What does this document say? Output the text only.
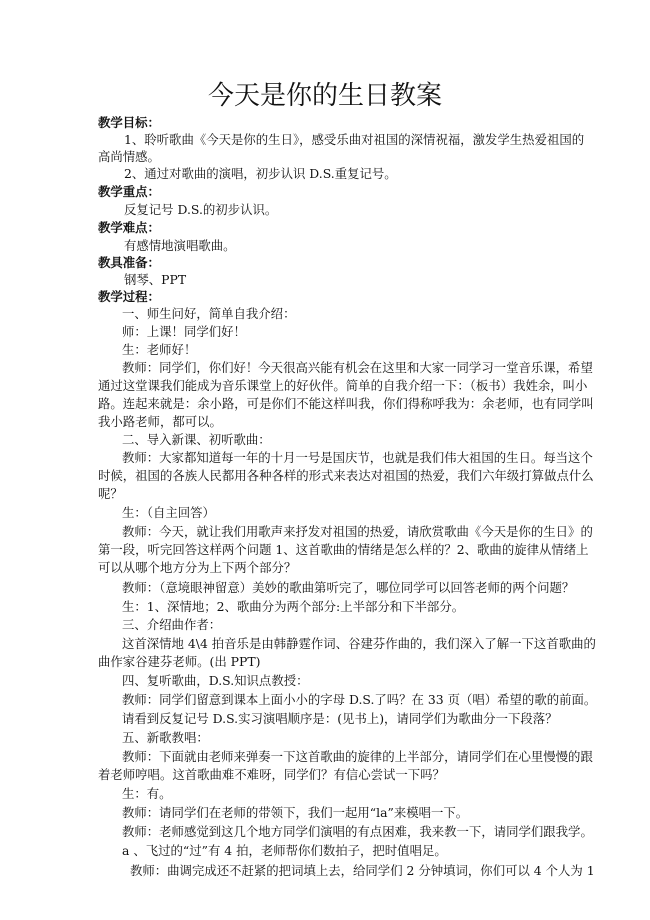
今天是你的生日教案
教学目标：
1、聆听歌曲《今天是你的生日》，感受乐曲对祖国的深情祝福，激发学生热爱祖国的
高尚情感。
2、通过对歌曲的演唱，初步认识 D.S.重复记号。
教学重点：
反复记号 D.S.的初步认识。
教学难点：
有感情地演唱歌曲。
教具准备：
钢琴、PPT
教学过程：
一、师生问好，简单自我介绍：
师：上课！同学们好！
生：老师好！
教师：同学们，你们好！今天很高兴能有机会在这里和大家一同学习一堂音乐课，希望
通过这堂课我们能成为音乐课堂上的好伙伴。简单的自我介绍一下：（板书）我姓余，叫小
路。连起来就是：余小路，可是你们不能这样叫我，你们得称呼我为：余老师，也有同学叫
我小路老师，都可以。
二、导入新课、初听歌曲：
教师：大家都知道每一年的十月一号是国庆节，也就是我们伟大祖国的生日。每当这个
时候，祖国的各族人民都用各种各样的形式来表达对祖国的热爱，我们六年级打算做点什么
呢？
生：（自主回答）
教师：今天，就让我们用歌声来抒发对祖国的热爱，请欣赏歌曲《今天是你的生日》的
第一段，听完回答这样两个问题 1、这首歌曲的情绪是怎么样的？2、歌曲的旋律从情绪上
可以从哪个地方分为上下两个部分？
教师：（意境眼神留意）美妙的歌曲第听完了，哪位同学可以回答老师的两个问题？
生：1、深情地；2、歌曲分为两个部分:上半部分和下半部分。
三、介绍曲作者：
这首深情地 4\4 拍音乐是由韩静霆作词、谷建芬作曲的，我们深入了解一下这首歌曲的
曲作家谷建芬老师。(出 PPT)
四、复听歌曲，D.S.知识点教授：
教师：同学们留意到课本上面小小的字母 D.S.了吗？在 33 页（唱）希望的歌的前面。
请看到反复记号 D.S.实习演唱顺序是：(见书上)，请同学们为歌曲分一下段落？
五、新歌教唱：
教师：下面就由老师来弹奏一下这首歌曲的旋律的上半部分，请同学们在心里慢慢的跟
着老师哼唱。这首歌曲难不难呀，同学们？有信心尝试一下吗？
生：有。
教师：请同学们在老师的带领下，我们一起用“la”来模唱一下。
教师：老师感觉到这几个地方同学们演唱的有点困难，我来教一下，请同学们跟我学。
a 、飞过的“过”有 4 拍，老师帮你们数拍子，把时值唱足。
教师：曲调完成还不赶紧的把词填上去，给同学们 2 分钟填词，你们可以 4 个人为 1
